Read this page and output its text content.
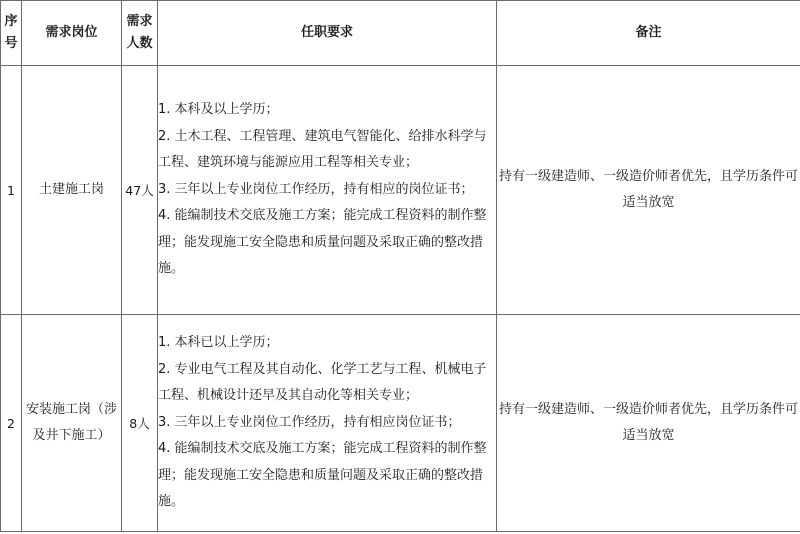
序号	需求岗位	需求人数	任职要求	备注
1	土建施工岗	47人	1. 本科及以上学历；
2. 土木工程、工程管理、建筑电气智能化、给排水科学与工程、建筑环境与能源应用工程等相关专业；
3. 三年以上专业岗位工作经历，持有相应的岗位证书；
4. 能编制技术交底及施工方案；能完成工程资料的制作整理；能发现施工安全隐患和质量问题及采取正确的整改措施。	持有一级建造师、一级造价师者优先，且学历条件可适当放宽
2	安装施工岗（涉及井下施工）	8人	1. 本科已以上学历；
2. 专业电气工程及其自动化、化学工艺与工程、机械电子工程、机械设计还早及其自动化等相关专业；
3. 三年以上专业岗位工作经历，持有相应岗位证书；
4. 能编制技术交底及施工方案；能完成工程资料的制作整理；能发现施工安全隐患和质量问题及采取正确的整改措施。	持有一级建造师、一级造价师者优先，且学历条件可适当放宽
